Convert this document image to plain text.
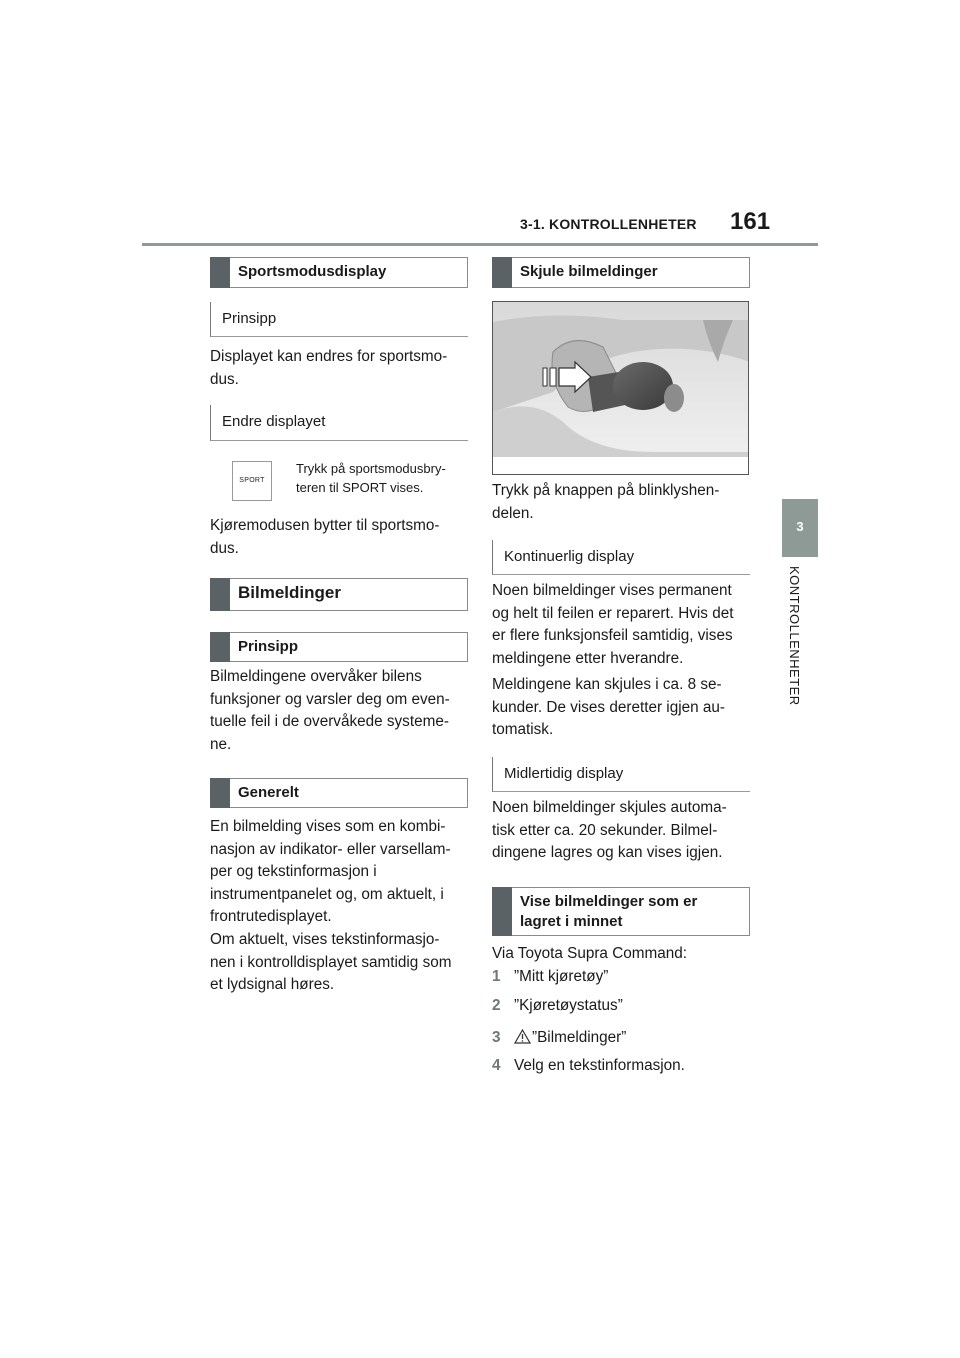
3-1. KONTROLLENHETER 161
3
KONTROLLENHETER
Sportsmodusdisplay
Prinsipp
Displayet kan endres for sportsmo-
dus.
Endre displayet
SPORT
Trykk på sportsmodusbry-
teren til SPORT vises.
Kjøremodusen bytter til sportsmo-
dus.
Bilmeldinger
Prinsipp
Bilmeldingene overvåker bilens
funksjoner og varsler deg om even-
tuelle feil i de overvåkede systeme-
ne.
Generelt
En bilmelding vises som en kombi-
nasjon av indikator- eller varsellam-
per og tekstinformasjon i
instrumentpanelet og, om aktuelt, i
frontrutedisplayet.
Om aktuelt, vises tekstinformasjo-
nen i kontrolldisplayet samtidig som
et lydsignal høres.
Skjule bilmeldinger
Trykk på knappen på blinklyshen-
delen.
Kontinuerlig display
Noen bilmeldinger vises permanent
og helt til feilen er reparert. Hvis det
er flere funksjonsfeil samtidig, vises
meldingene etter hverandre.
Meldingene kan skjules i ca. 8 se-
kunder. De vises deretter igjen au-
tomatisk.
Midlertidig display
Noen bilmeldinger skjules automa-
tisk etter ca. 20 sekunder. Bilmel-
dingene lagres og kan vises igjen.
Vise bilmeldinger som er
lagret i minnet
Via Toyota Supra Command:
1 ”Mitt kjøretøy”
2 ”Kjøretøystatus”
3 ”Bilmeldinger”
4 Velg en tekstinformasjon.
